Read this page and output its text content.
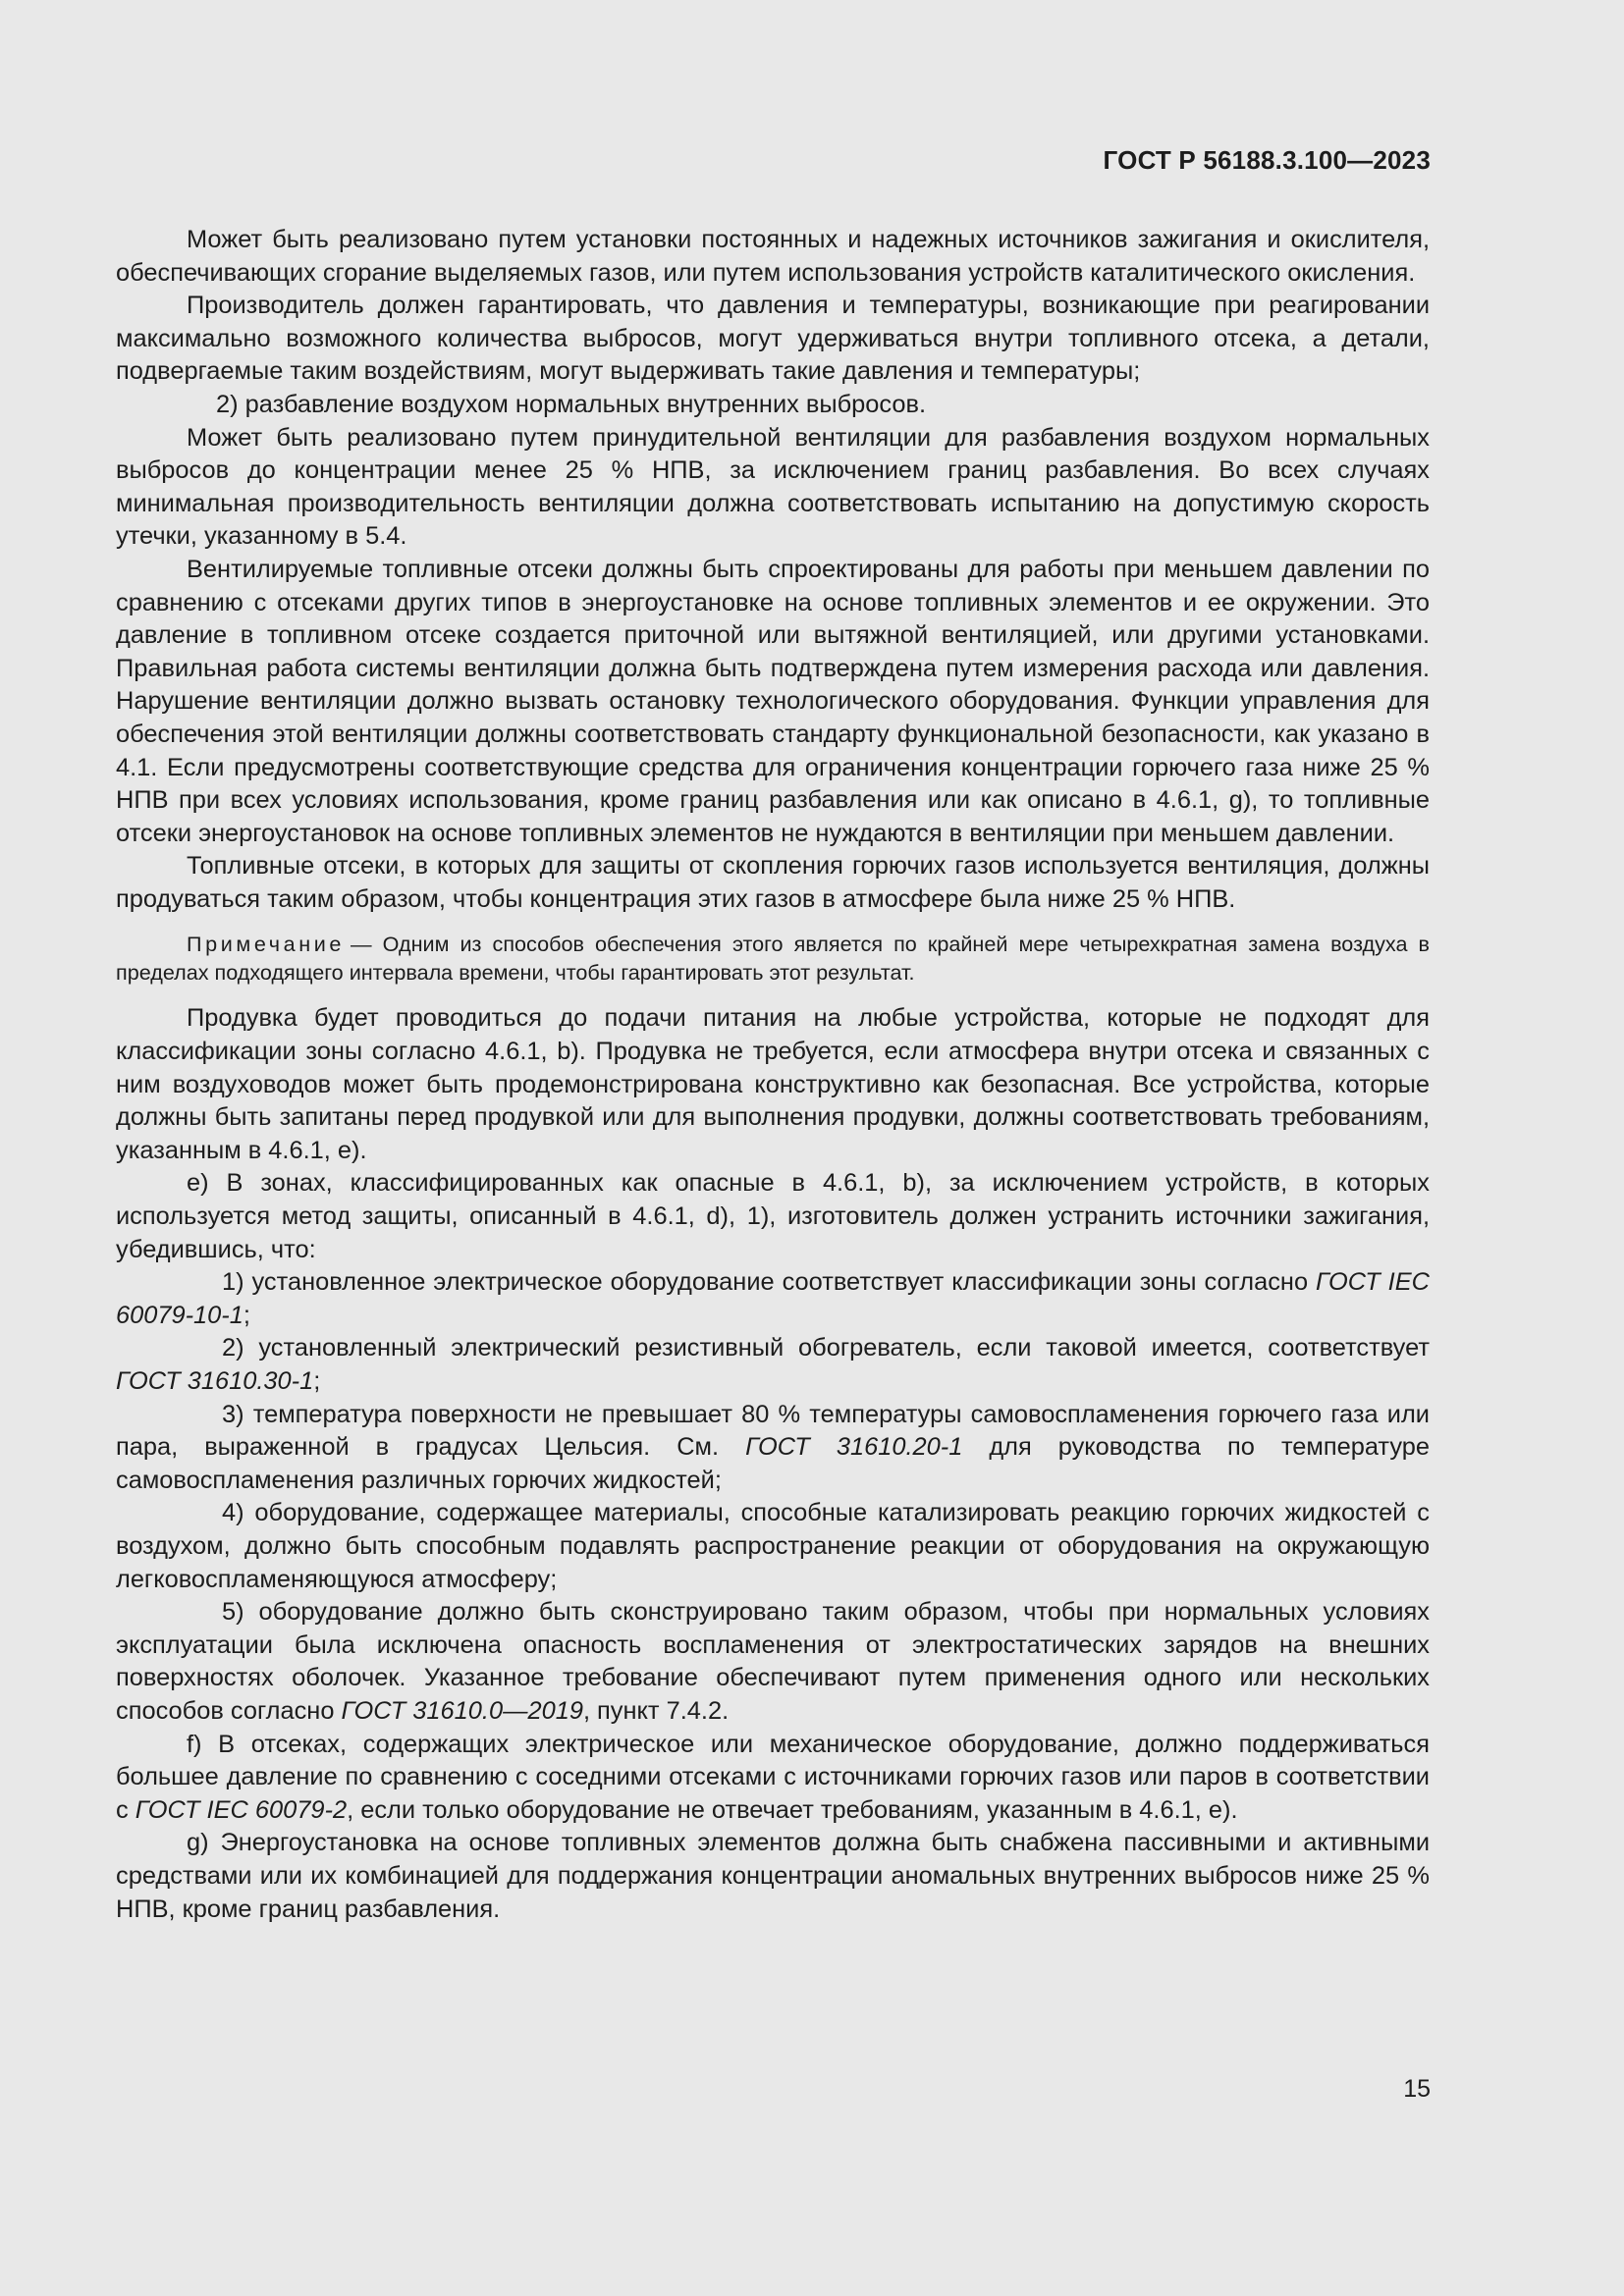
ГОСТ Р 56188.3.100—2023

Может быть реализовано путем установки постоянных и надежных источников зажигания и окислителя, обеспечивающих сгорание выделяемых газов, или путем использования устройств каталитического окисления.

Производитель должен гарантировать, что давления и температуры, возникающие при реагировании максимально возможного количества выбросов, могут удерживаться внутри топливного отсека, а детали, подвергаемые таким воздействиям, могут выдерживать такие давления и температуры;

2) разбавление воздухом нормальных внутренних выбросов.

Может быть реализовано путем принудительной вентиляции для разбавления воздухом нормальных выбросов до концентрации менее 25 % НПВ, за исключением границ разбавления. Во всех случаях минимальная производительность вентиляции должна соответствовать испытанию на допустимую скорость утечки, указанному в 5.4.

Вентилируемые топливные отсеки должны быть спроектированы для работы при меньшем давлении по сравнению с отсеками других типов в энергоустановке на основе топливных элементов и ее окружении. Это давление в топливном отсеке создается приточной или вытяжной вентиляцией, или другими установками. Правильная работа системы вентиляции должна быть подтверждена путем измерения расхода или давления. Нарушение вентиляции должно вызвать остановку технологического оборудования. Функции управления для обеспечения этой вентиляции должны соответствовать стандарту функциональной безопасности, как указано в 4.1. Если предусмотрены соответствующие средства для ограничения концентрации горючего газа ниже 25 % НПВ при всех условиях использования, кроме границ разбавления или как описано в 4.6.1, g), то топливные отсеки энергоустановок на основе топливных элементов не нуждаются в вентиляции при меньшем давлении.

Топливные отсеки, в которых для защиты от скопления горючих газов используется вентиляция, должны продуваться таким образом, чтобы концентрация этих газов в атмосфере была ниже 25 % НПВ.

Примечание — Одним из способов обеспечения этого является по крайней мере четырехкратная замена воздуха в пределах подходящего интервала времени, чтобы гарантировать этот результат.

Продувка будет проводиться до подачи питания на любые устройства, которые не подходят для классификации зоны согласно 4.6.1, b). Продувка не требуется, если атмосфера внутри отсека и связанных с ним воздуховодов может быть продемонстрирована конструктивно как безопасная. Все устройства, которые должны быть запитаны перед продувкой или для выполнения продувки, должны соответствовать требованиям, указанным в 4.6.1, е).

е) В зонах, классифицированных как опасные в 4.6.1, b), за исключением устройств, в которых используется метод защиты, описанный в 4.6.1, d), 1), изготовитель должен устранить источники зажигания, убедившись, что:

1) установленное электрическое оборудование соответствует классификации зоны согласно ГОСТ IEC 60079-10-1;

2) установленный электрический резистивный обогреватель, если таковой имеется, соответствует ГОСТ 31610.30-1;

3) температура поверхности не превышает 80 % температуры самовоспламенения горючего газа или пара, выраженной в градусах Цельсия. См. ГОСТ 31610.20-1 для руководства по температуре самовоспламенения различных горючих жидкостей;

4) оборудование, содержащее материалы, способные катализировать реакцию горючих жидкостей с воздухом, должно быть способным подавлять распространение реакции от оборудования на окружающую легковоспламеняющуюся атмосферу;

5) оборудование должно быть сконструировано таким образом, чтобы при нормальных условиях эксплуатации была исключена опасность воспламенения от электростатических зарядов на внешних поверхностях оболочек. Указанное требование обеспечивают путем применения одного или нескольких способов согласно ГОСТ 31610.0—2019, пункт 7.4.2.

f) В отсеках, содержащих электрическое или механическое оборудование, должно поддерживаться большее давление по сравнению с соседними отсеками с источниками горючих газов или паров в соответствии с ГОСТ IEC 60079-2, если только оборудование не отвечает требованиям, указанным в 4.6.1, е).

g) Энергоустановка на основе топливных элементов должна быть снабжена пассивными и активными средствами или их комбинацией для поддержания концентрации аномальных внутренних выбросов ниже 25 % НПВ, кроме границ разбавления.

15
